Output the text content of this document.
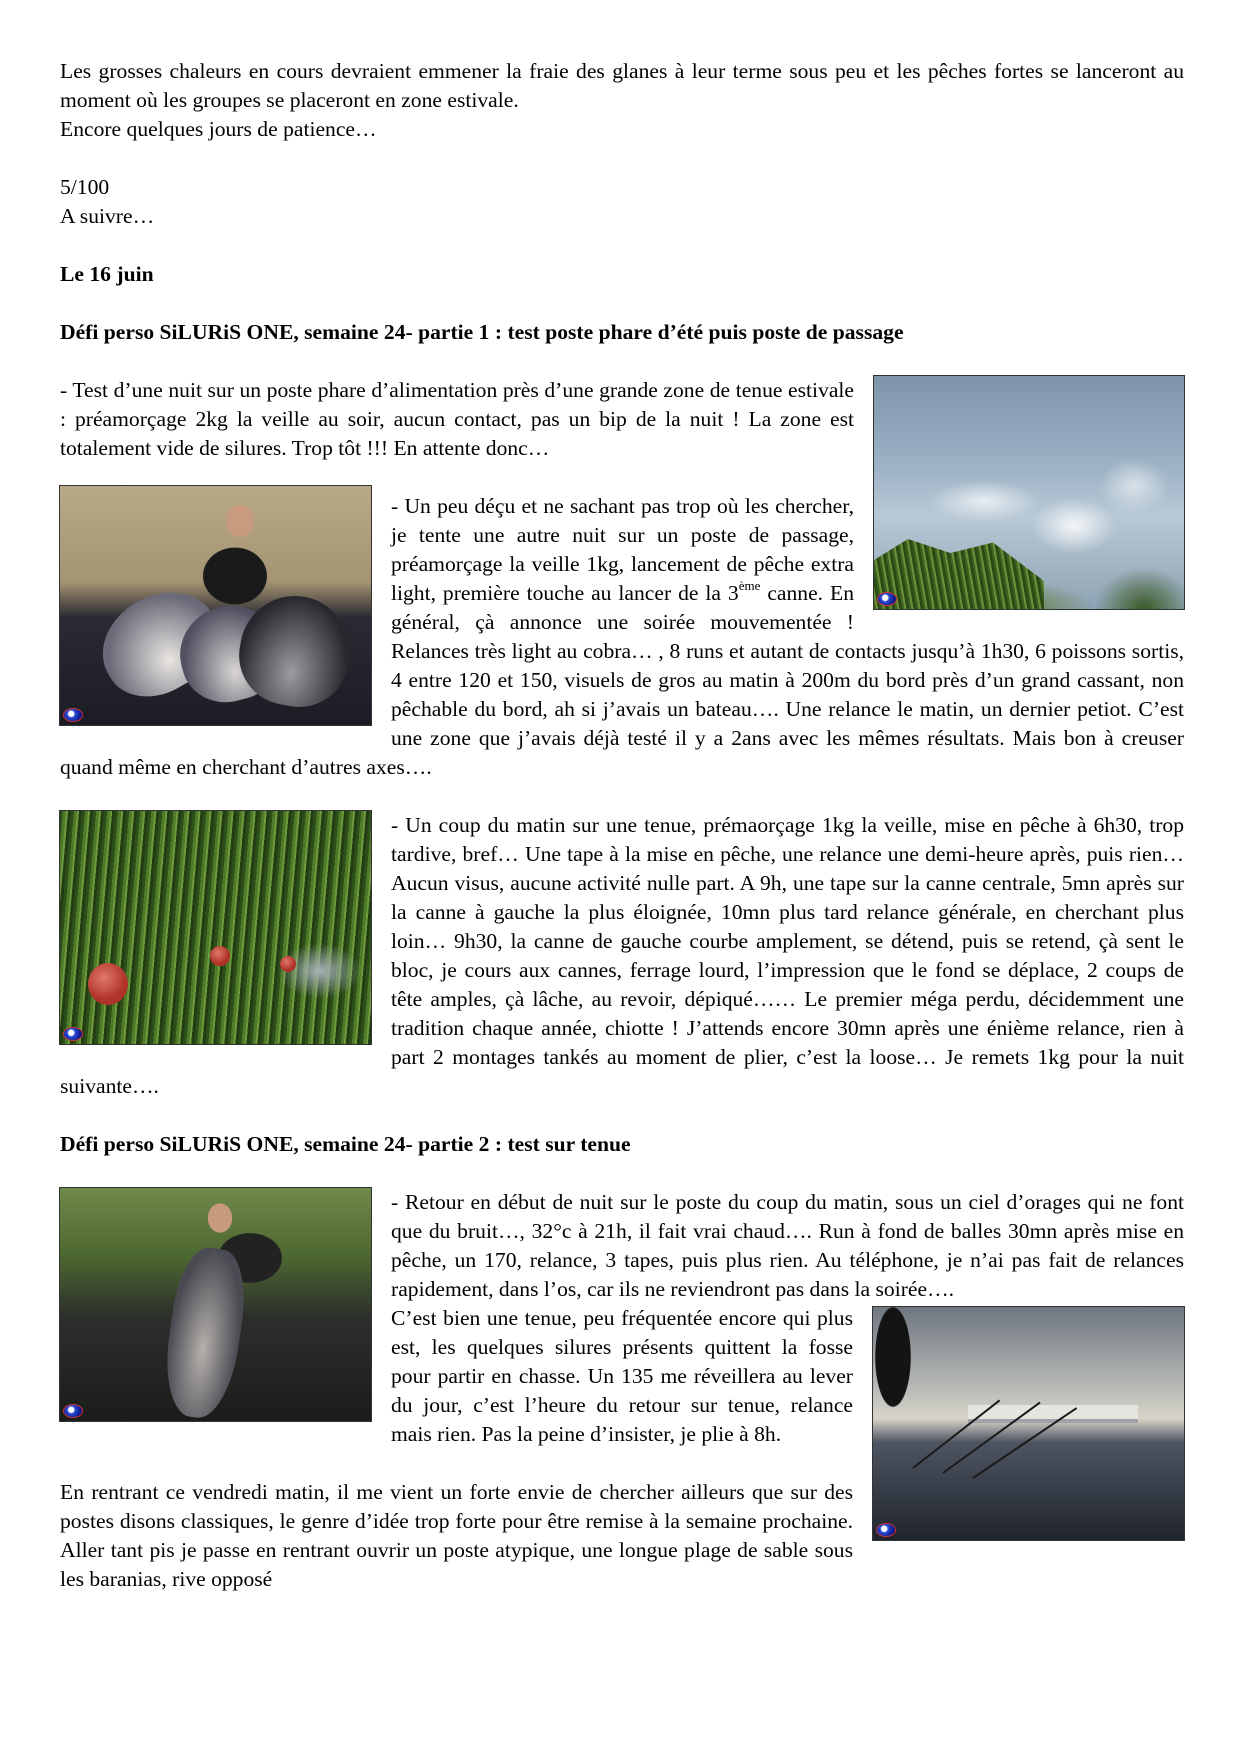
Les grosses chaleurs en cours devraient emmener la fraie des glanes à leur terme sous peu et les pêches fortes se lanceront au moment où les groupes se placeront en zone estivale.

Encore quelques jours de patience…

5/100

A suivre…

Le 16 juin

Défi perso SiLURiS ONE, semaine 24- partie 1 : test poste phare d’été puis poste de passage

- Test d’une nuit sur un poste phare d’alimentation près d’une grande zone de tenue estivale : préamorçage 2kg la veille au soir, aucun contact, pas un bip de la nuit ! La zone est totalement vide de silures. Trop tôt !!! En attente donc…

- Un peu déçu et ne sachant pas trop où les chercher, je tente une autre nuit sur un poste de passage, préamorçage la veille 1kg, lancement de pêche extra light, première touche au lancer de la 3ème canne. En général, çà annonce une soirée mouvementée ! Relances très light au cobra… , 8 runs et autant de contacts jusqu’à 1h30, 6 poissons sortis, 4 entre 120 et 150, visuels de gros au matin à 200m du bord près d’un grand cassant, non pêchable du bord, ah si j’avais un bateau…. Une relance le matin, un dernier petiot. C’est une zone que j’avais déjà testé il y a 2ans avec les mêmes résultats. Mais bon à creuser quand même en cherchant d’autres axes….

- Un coup du matin sur une tenue, prémaorçage 1kg la veille, mise en pêche à 6h30, trop tardive, bref… Une tape à la mise en pêche, une relance une demi-heure après, puis rien… Aucun visus, aucune activité nulle part. A 9h, une tape sur la canne centrale, 5mn après sur la canne à gauche la plus éloignée, 10mn plus tard relance générale, en cherchant plus loin… 9h30, la canne de gauche courbe amplement, se détend, puis se retend, çà sent le bloc, je cours aux cannes, ferrage lourd, l’impression que le fond se déplace, 2 coups de tête amples, çà lâche, au revoir, dépiqué…… Le premier méga perdu, décidemment une tradition chaque année, chiotte ! J’attends encore 30mn après une énième relance, rien à part 2 montages tankés au moment de plier, c’est la loose… Je remets 1kg pour la nuit suivante….

Défi perso SiLURiS ONE, semaine 24- partie 2 : test sur tenue

- Retour en début de nuit sur le poste du coup du matin, sous un ciel d’orages qui ne font que du bruit…, 32°c à 21h, il fait vrai chaud…. Run à fond de balles 30mn après mise en pêche, un 170, relance, 3 tapes, puis plus rien. Au téléphone, je n’ai pas fait de relances rapidement, dans l’os, car ils ne reviendront pas dans la soirée….

C’est bien une tenue, peu fréquentée encore qui plus est, les quelques silures présents quittent la fosse pour partir en chasse. Un 135 me réveillera au lever du jour, c’est l’heure du retour sur tenue, relance mais rien. Pas la peine d’insister, je plie à 8h.

En rentrant ce vendredi matin, il me vient un forte envie de chercher ailleurs que sur des postes disons classiques, le genre d’idée trop forte pour être remise à la semaine prochaine. Aller tant pis je passe en rentrant ouvrir un poste atypique, une longue plage de sable sous les baranias, rive opposé
